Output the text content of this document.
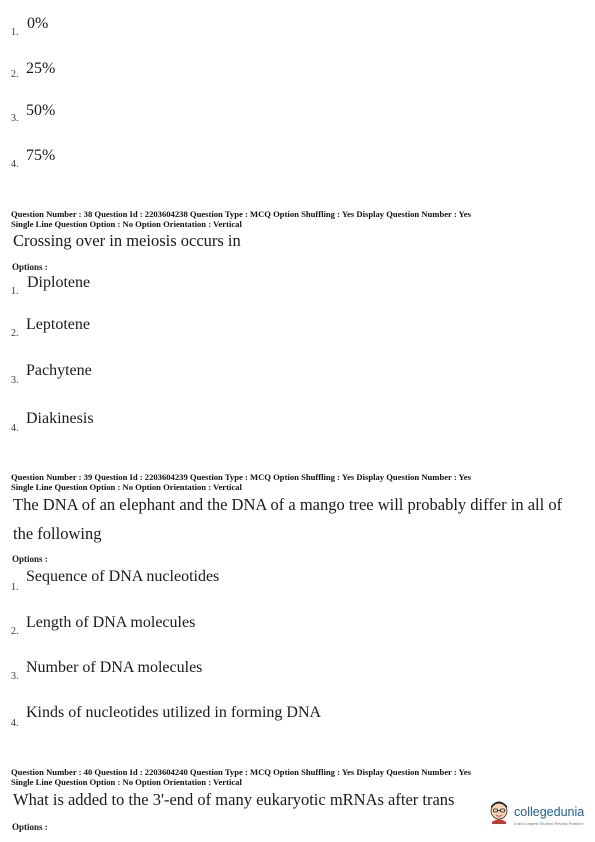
1.
0%
2. 25%
3. 50%
4.
75%
Question Number : 38 Question Id : 2203604238 Question Type : MCQ Option Shuffling : Yes Display Question Number : Yes
Single Line Question Option : No Option Orientation : Vertical
Crossing over in meiosis occurs in
Options :
1.
Diplotene
2.
Leptotene
3.
Pachytene
4.
Diakinesis
Question Number : 39 Question Id : 2203604239 Question Type : MCQ Option Shuffling : Yes Display Question Number : Yes
Single Line Question Option : No Option Orientation : Vertical
The DNA of an elephant and the DNA of a mango tree will probably differ in all of
the following
Options :
1.
Sequence of DNA nucleotides
2.
Length of DNA molecules
3.
Number of DNA molecules
4.
Kinds of nucleotides utilized in forming DNA
Question Number : 40 Question Id : 2203604240 Question Type : MCQ Option Shuffling : Yes Display Question Number : Yes
Single Line Question Option : No Option Orientation : Vertical
What is added to the 3'-end of many eukaryotic mRNAs after trans
Options :
collegedunia
India's largest Student Review Platform
